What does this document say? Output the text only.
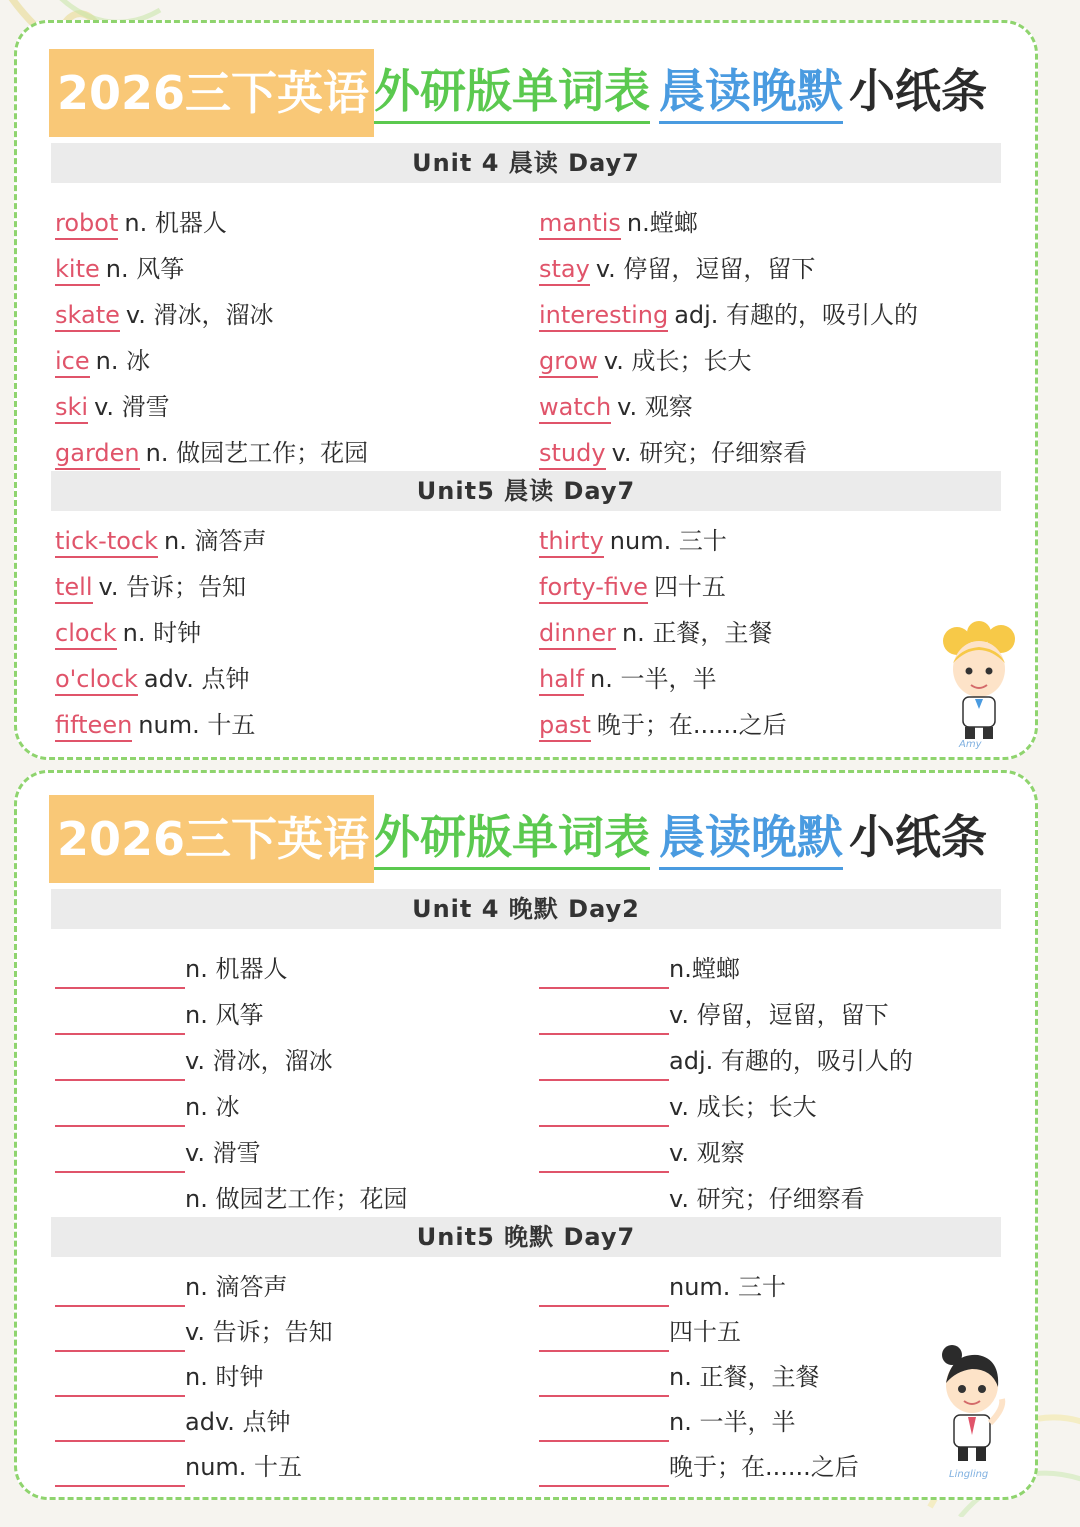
2026三下英语 外研版单词表 晨读晚默 小纸条
Unit 4 晨读 Day7
robot n. 机器人
kite n. 风筝
skate v. 滑冰，溜冰
ice n. 冰
ski v. 滑雪
garden n. 做园艺工作；花园
mantis n.螳螂
stay v. 停留，逗留，留下
interesting adj. 有趣的，吸引人的
grow v. 成长；长大
watch v. 观察
study v. 研究；仔细察看
Unit5 晨读 Day7
tick-tock n. 滴答声
tell v. 告诉；告知
clock n. 时钟
o'clock adv. 点钟
fifteen num. 十五
thirty num. 三十
forty-five 四十五
dinner n. 正餐，主餐
half n. 一半，半
past 晚于；在......之后
Amy
2026三下英语 外研版单词表 晨读晚默 小纸条
Unit 4 晚默 Day2
n. 机器人
n. 风筝
v. 滑冰，溜冰
n. 冰
v. 滑雪
n. 做园艺工作；花园
n.螳螂
v. 停留，逗留，留下
adj. 有趣的，吸引人的
v. 成长；长大
v. 观察
v. 研究；仔细察看
Unit5 晚默 Day7
n. 滴答声
v. 告诉；告知
n. 时钟
adv. 点钟
num. 十五
num. 三十
四十五
n. 正餐，主餐
n. 一半，半
晚于；在......之后	Lingling
